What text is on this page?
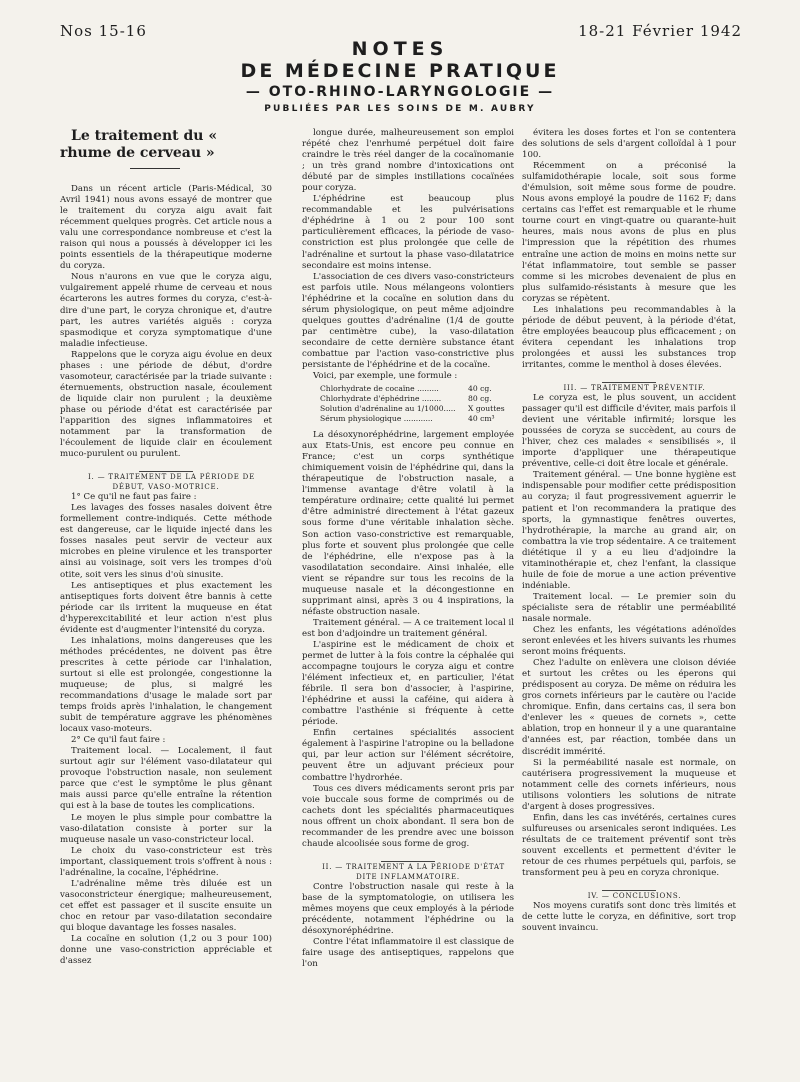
Nos 15-16	18-21 Février 1942
NOTES
DE MÉDECINE PRATIQUE
— OTO-RHINO-LARYNGOLOGIE —
PUBLIÉES PAR LES SOINS DE M. AUBRY

Le traitement du « rhume de cerveau »

Dans un récent article (Paris-Médical, 30 Avril 1941) nous avons essayé de montrer que le traitement du coryza aigu avait fait récemment quelques progrès. Cet article nous a valu une correspondance nombreuse et c'est la raison qui nous a poussés à développer ici les points essentiels de la thérapeutique moderne du coryza.

Nous n'aurons en vue que le coryza aigu, vulgairement appelé rhume de cerveau et nous écarterons les autres formes du coryza, c'est-à-dire d'une part, le coryza chronique et, d'autre part, les autres variétés aiguës : coryza spasmodique et coryza symptomatique d'une maladie infectieuse.

Rappelons que le coryza aigu évolue en deux phases : une période de début, d'ordre vasomoteur, caractérisée par la triade suivante : éternuements, obstruction nasale, écoulement de liquide clair non purulent ; la deuxième phase ou période d'état est caractérisée par l'apparition des signes inflammatoires et notamment par la transformation de l'écoulement de liquide clair en écoulement muco-purulent ou purulent.

I. — TRAITEMENT DE LA PÉRIODE DE DÉBUT, VASO-MOTRICE.

1° Ce qu'il ne faut pas faire :

Les lavages des fosses nasales doivent être formellement contre-indiqués. Cette méthode est dangereuse, car le liquide injecté dans les fosses nasales peut servir de vecteur aux microbes en pleine virulence et les transporter ainsi au voisinage, soit vers les trompes d'où otite, soit vers les sinus d'où sinusite.

Les antiseptiques et plus exactement les antiseptiques forts doivent être bannis à cette période car ils irritent la muqueuse en état d'hyperexcitabilité et leur action n'est plus évidente est d'augmenter l'intensité du coryza.

Les inhalations, moins dangereuses que les méthodes précédentes, ne doivent pas être prescrites à cette période car l'inhalation, surtout si elle est prolongée, congestionne la muqueuse; de plus, si malgré les recommandations d'usage le malade sort par temps froids après l'inhalation, le changement subit de température aggrave les phénomènes locaux vaso-moteurs.

2° Ce qu'il faut faire :

Traitement local. — Localement, il faut surtout agir sur l'élément vaso-dilatateur qui provoque l'obstruction nasale, non seulement parce que c'est le symptôme le plus gênant mais aussi parce qu'elle entraîne la rétention qui est à la base de toutes les complications.

Le moyen le plus simple pour combattre la vaso-dilatation consiste à porter sur la muqueuse nasale un vaso-constricteur local.

Le choix du vaso-constricteur est très important, classiquement trois s'offrent à nous : l'adrénaline, la cocaïne, l'éphédrine.

L'adrénaline même très diluée est un vasoconstricteur énergique; malheureusement, cet effet est passager et il suscite ensuite un choc en retour par vaso-dilatation secondaire qui bloque davantage les fosses nasales.

La cocaïne en solution (1,2 ou 3 pour 100) donne une vaso-constriction appréciable et d'assez

longue durée, malheureusement son emploi répété chez l'enrhumé perpétuel doit faire craindre le très réel danger de la cocaïnomanie ; un très grand nombre d'intoxications ont débuté par de simples instillations cocaïnées pour coryza.

L'éphédrine est beaucoup plus recommandable et les pulvérisations d'éphédrine à 1 ou 2 pour 100 sont particulièrement efficaces, la période de vaso-constriction est plus prolongée que celle de l'adrénaline et surtout la phase vaso-dilatatrice secondaire est moins intense.

L'association de ces divers vaso-constricteurs est parfois utile. Nous mélangeons volontiers l'éphédrine et la cocaïne en solution dans du sérum physiologique, on peut même adjoindre quelques gouttes d'adrénaline (1/4 de goutte par centimètre cube), la vaso-dilatation secondaire de cette dernière substance étant combattue par l'action vaso-constrictive plus persistante de l'éphédrine et de la cocaïne.

Voici, par exemple, une formule :

Chlorhydrate de cocaïne .........	40 cg.
Chlorhydrate d'éphédrine ........	80 cg.
Solution d'adrénaline au 1/1000.....	X gouttes
Sérum physiologique ............	40 cm³

La désoxynoréphédrine, largement employée aux Etats-Unis, est encore peu connue en France; c'est un corps synthétique chimiquement voisin de l'éphédrine qui, dans la thérapeutique de l'obstruction nasale, a l'immense avantage d'être volatil à la température ordinaire; cette qualité lui permet d'être administré directement à l'état gazeux sous forme d'une véritable inhalation sèche. Son action vaso-constrictive est remarquable, plus forte et souvent plus prolongée que celle de l'éphédrine, elle n'expose pas à la vasodilatation secondaire. Ainsi inhalée, elle vient se répandre sur tous les recoins de la muqueuse nasale et la décongestionne en supprimant ainsi, après 3 ou 4 inspirations, la néfaste obstruction nasale.

Traitement général. — A ce traitement local il est bon d'adjoindre un traitement général.

L'aspirine est le médicament de choix et permet de lutter à la fois contre la céphalée qui accompagne toujours le coryza aigu et contre l'élément infectieux et, en particulier, l'état fébrile. Il sera bon d'associer, à l'aspirine, l'éphédrine et aussi la caféine, qui aidera à combattre l'asthénie si fréquente à cette période.

Enfin certaines spécialités associent également à l'aspirine l'atropine ou la belladone qui, par leur action sur l'élément sécrétoire, peuvent être un adjuvant précieux pour combattre l'hydrorhée.

Tous ces divers médicaments seront pris par voie buccale sous forme de comprimés ou de cachets dont les spécialités pharmaceutiques nous offrent un choix abondant. Il sera bon de recommander de les prendre avec une boisson chaude alcoolisée sous forme de grog.

II. — TRAITEMENT A LA PÉRIODE D'ÉTAT DITE INFLAMMATOIRE.

Contre l'obstruction nasale qui reste à la base de la symptomatologie, on utilisera les mêmes moyens que ceux employés à la période précédente, notamment l'éphédrine ou la désoxynoréphédrine.

Contre l'état inflammatoire il est classique de faire usage des antiseptiques, rappelons que l'on

évitera les doses fortes et l'on se contentera des solutions de sels d'argent colloïdal à 1 pour 100.

Récemment on a préconisé la sulfamidothérapie locale, soit sous forme d'émulsion, soit même sous forme de poudre. Nous avons employé la poudre de 1162 F; dans certains cas l'effet est remarquable et le rhume tourne court en vingt-quatre ou quarante-huit heures, mais nous avons de plus en plus l'impression que la répétition des rhumes entraîne une action de moins en moins nette sur l'état inflammatoire, tout semble se passer comme si les microbes devenaient de plus en plus sulfamido-résistants à mesure que les coryzas se répètent.

Les inhalations peu recommandables à la période de début peuvent, à la période d'état, être employées beaucoup plus efficacement ; on évitera cependant les inhalations trop prolongées et aussi les substances trop irritantes, comme le menthol à doses élevées.

III. — TRAITEMENT PRÉVENTIF.

Le coryza est, le plus souvent, un accident passager qu'il est difficile d'éviter, mais parfois il devient une véritable infirmité; lorsque les poussées de coryza se succèdent, au cours de l'hiver, chez ces malades « sensibilisés », il importe d'appliquer une thérapeutique préventive, celle-ci doit être locale et générale.

Traitement général. — Une bonne hygiène est indispensable pour modifier cette prédisposition au coryza; il faut progressivement aguerrir le patient et l'on recommandera la pratique des sports, la gymnastique fenêtres ouvertes, l'hydrothérapie, la marche au grand air, on combattra la vie trop sédentaire. A ce traitement diététique il y a eu lieu d'adjoindre la vitaminothérapie et, chez l'enfant, la classique huile de foie de morue a une action préventive indéniable.

Traitement local. — Le premier soin du spécialiste sera de rétablir une perméabilité nasale normale.

Chez les enfants, les végétations adénoïdes seront enlevées et les hivers suivants les rhumes seront moins fréquents.

Chez l'adulte on enlèvera une cloison déviée et surtout les crêtes ou les éperons qui prédisposent au coryza. De même on réduira les gros cornets inférieurs par le cautère ou l'acide chromique. Enfin, dans certains cas, il sera bon d'enlever les « queues de cornets », cette ablation, trop en honneur il y a une quarantaine d'années est, par réaction, tombée dans un discrédit immérité.

Si la perméabilité nasale est normale, on cautérisera progressivement la muqueuse et notamment celle des cornets inférieurs, nous utilisons volontiers les solutions de nitrate d'argent à doses progressives.

Enfin, dans les cas invétérés, certaines cures sulfureuses ou arsenicales seront indiquées. Les résultats de ce traitement préventif sont très souvent excellents et permettent d'éviter le retour de ces rhumes perpétuels qui, parfois, se transforment peu à peu en coryza chronique.

IV. — CONCLUSIONS.

Nos moyens curatifs sont donc très limités et de cette lutte le coryza, en définitive, sort trop souvent invaincu.
